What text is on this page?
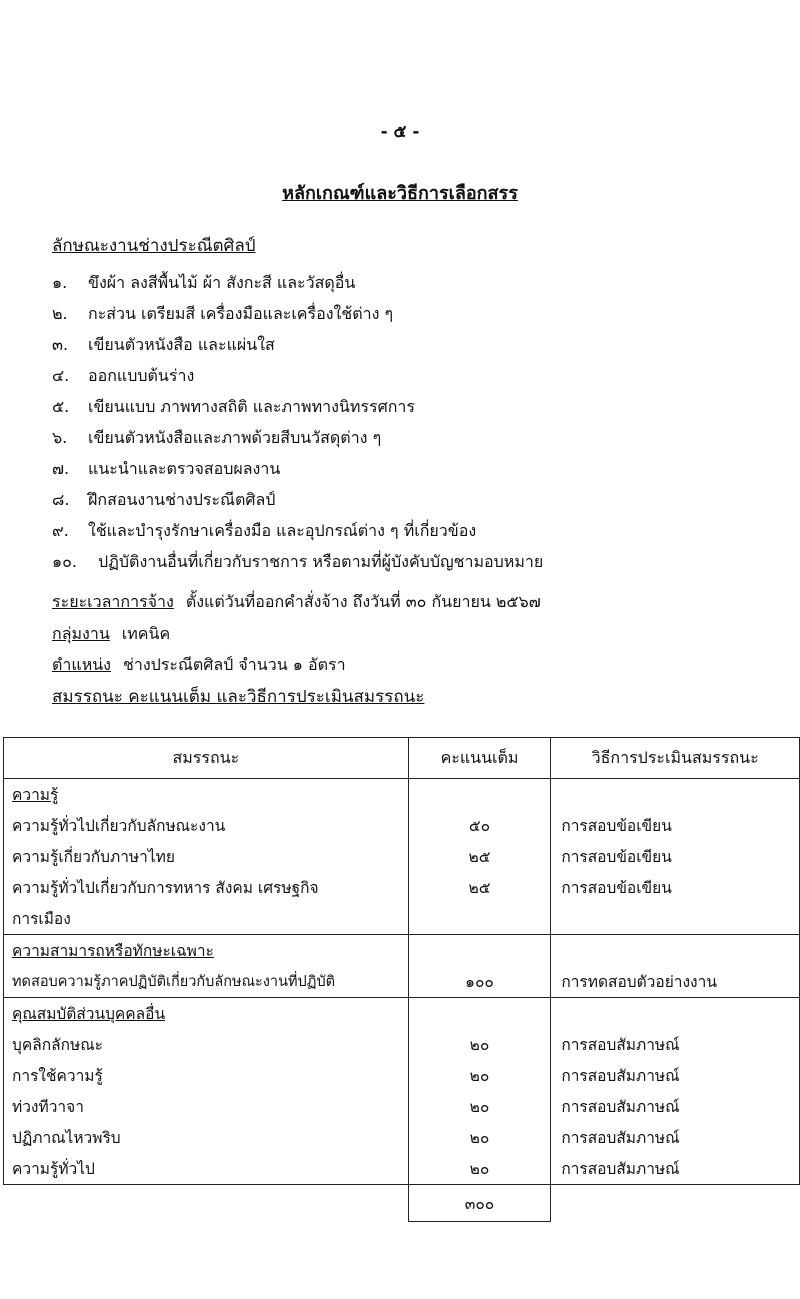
- ๕ -
หลักเกณฑ์และวิธีการเลือกสรร
ลักษณะงานช่างประณีตศิลป์
๑. ขึงผ้า ลงสีพื้นไม้ ผ้า สังกะสี และวัสดุอื่น
๒. กะส่วน เตรียมสี เครื่องมือและเครื่องใช้ต่าง ๆ
๓. เขียนตัวหนังสือ และแผ่นใส
๔. ออกแบบต้นร่าง
๕. เขียนแบบ ภาพทางสถิติ และภาพทางนิทรรศการ
๖. เขียนตัวหนังสือและภาพด้วยสีบนวัสดุต่าง ๆ
๗. แนะนำและตรวจสอบผลงาน
๘. ฝึกสอนงานช่างประณีตศิลป์
๙. ใช้และบำรุงรักษาเครื่องมือ และอุปกรณ์ต่าง ๆ ที่เกี่ยวข้อง
๑๐. ปฏิบัติงานอื่นที่เกี่ยวกับราชการ หรือตามที่ผู้บังคับบัญชามอบหมาย
ระยะเวลาการจ้าง ตั้งแต่วันที่ออกคำสั่งจ้าง ถึงวันที่ ๓๐ กันยายน ๒๕๖๗
กลุ่มงาน เทคนิค
ตำแหน่ง ช่างประณีตศิลป์ จำนวน ๑ อัตรา
สมรรถนะ คะแนนเต็ม และวิธีการประเมินสมรรถนะ
สมรรถนะ	คะแนนเต็ม	วิธีการประเมินสมรรถนะ
ความรู้		
ความรู้ทั่วไปเกี่ยวกับลักษณะงาน	๕๐	การสอบข้อเขียน
ความรู้เกี่ยวกับภาษาไทย	๒๕	การสอบข้อเขียน
ความรู้ทั่วไปเกี่ยวกับการทหาร สังคม เศรษฐกิจ	๒๕	การสอบข้อเขียน
การเมือง		
ความสามารถหรือทักษะเฉพาะ		
ทดสอบความรู้ภาคปฏิบัติเกี่ยวกับลักษณะงานที่ปฏิบัติ	๑๐๐	การทดสอบตัวอย่างงาน
คุณสมบัติส่วนบุคคลอื่น		
บุคลิกลักษณะ	๒๐	การสอบสัมภาษณ์
การใช้ความรู้	๒๐	การสอบสัมภาษณ์
ท่วงทีวาจา	๒๐	การสอบสัมภาษณ์
ปฏิภาณไหวพริบ	๒๐	การสอบสัมภาษณ์
ความรู้ทั่วไป	๒๐	การสอบสัมภาษณ์
	๓๐๐	
